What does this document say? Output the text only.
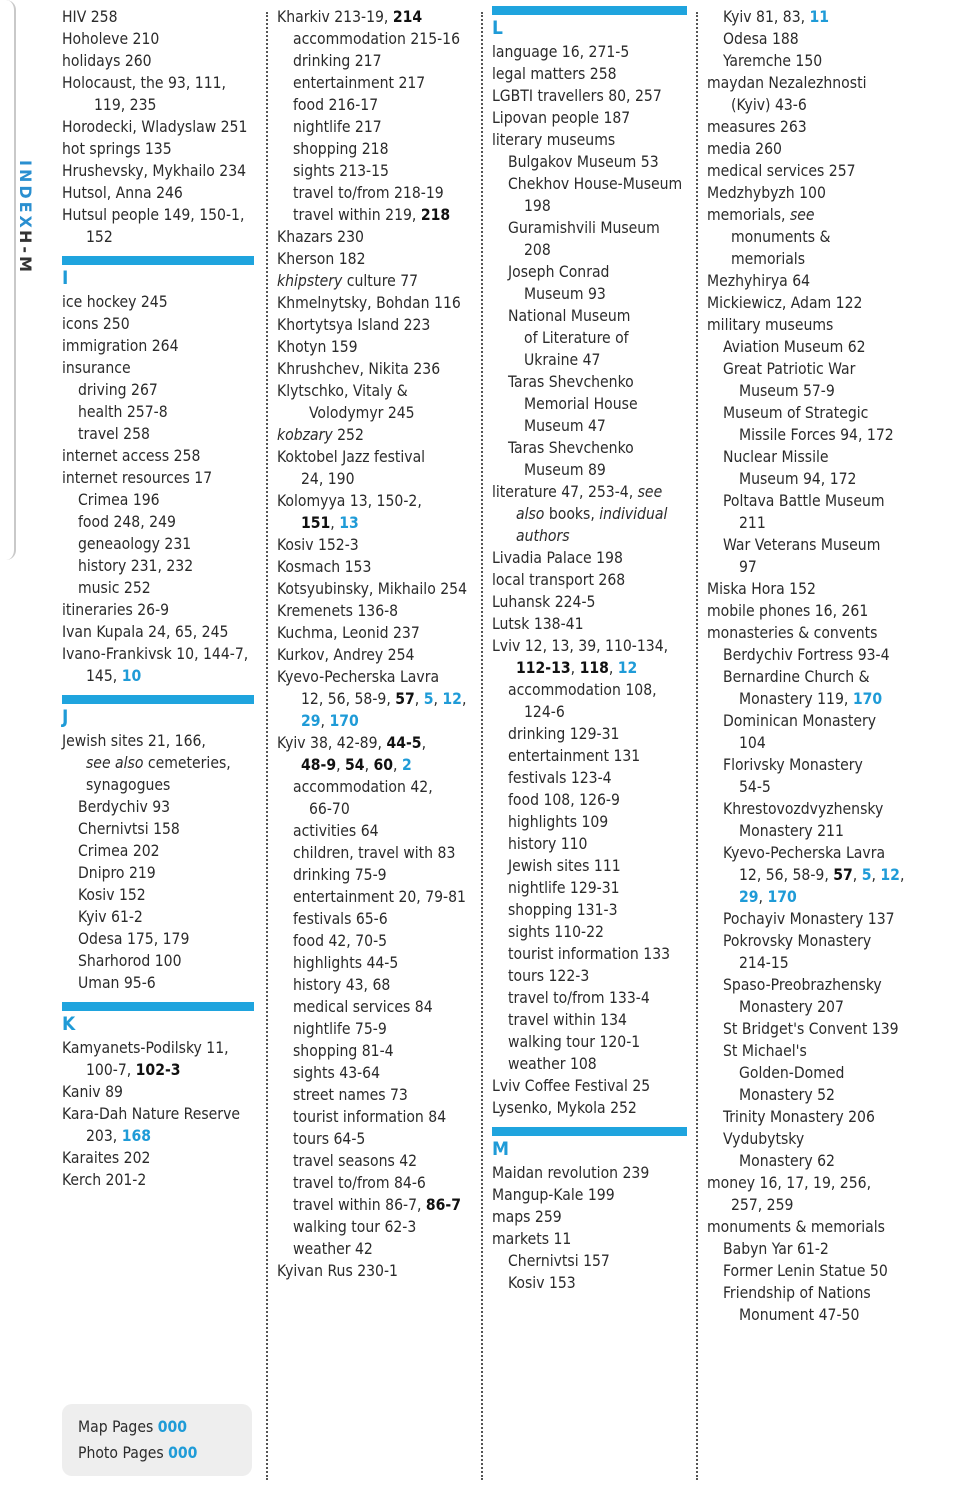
INDEX
H-M
HIV 258
Hoholeve 210
holidays 260
Holocaust, the 93, 111,
119, 235
Horodecki, Wladyslaw 251
hot springs 135
Hrushevsky, Mykhailo 234
Hutsol, Anna 246
Hutsul people 149, 150-1,
152
I
ice hockey 245
icons 250
immigration 264
insurance
driving 267
health 257-8
travel 258
internet access 258
internet resources 17
Crimea 196
food 248, 249
geneaology 231
history 231, 232
music 252
itineraries 26-9
Ivan Kupala 24, 65, 245
Ivano-Frankivsk 10, 144-7,
145, 10
J
Jewish sites 21, 166,
see also cemeteries,
synagogues
Berdychiv 93
Chernivtsi 158
Crimea 202
Dnipro 219
Kosiv 152
Kyiv 61-2
Odesa 175, 179
Sharhorod 100
Uman 95-6
K
Kamyanets-Podilsky 11,
100-7, 102-3
Kaniv 89
Kara-Dah Nature Reserve
203, 168
Karaites 202
Kerch 201-2
Kharkiv 213-19, 214
accommodation 215-16
drinking 217
entertainment 217
food 216-17
nightlife 217
shopping 218
sights 213-15
travel to/from 218-19
travel within 219, 218
Khazars 230
Kherson 182
khipstery culture 77
Khmelnytsky, Bohdan 116
Khortytsya Island 223
Khotyn 159
Khrushchev, Nikita 236
Klytschko, Vitaly &
Volodymyr 245
kobzary 252
Koktobel Jazz festival
24, 190
Kolomyya 13, 150-2,
151, 13
Kosiv 152-3
Kosmach 153
Kotsyubinsky, Mikhailo 254
Kremenets 136-8
Kuchma, Leonid 237
Kurkov, Andrey 254
Kyevo-Pecherska Lavra
12, 56, 58-9, 57, 5, 12,
29, 170
Kyiv 38, 42-89, 44-5,
48-9, 54, 60, 2
accommodation 42,
66-70
activities 64
children, travel with 83
drinking 75-9
entertainment 20, 79-81
festivals 65-6
food 42, 70-5
highlights 44-5
history 43, 68
medical services 84
nightlife 75-9
shopping 81-4
sights 43-64
street names 73
tourist information 84
tours 64-5
travel seasons 42
travel to/from 84-6
travel within 86-7, 86-7
walking tour 62-3
weather 42
Kyivan Rus 230-1
L
language 16, 271-5
legal matters 258
LGBTI travellers 80, 257
Lipovan people 187
literary museums
Bulgakov Museum 53
Chekhov House-Museum
198
Guramishvili Museum
208
Joseph Conrad
Museum 93
National Museum
of Literature of
Ukraine 47
Taras Shevchenko
Memorial House
Museum 47
Taras Shevchenko
Museum 89
literature 47, 253-4, see
also books, individual
authors
Livadia Palace 198
local transport 268
Luhansk 224-5
Lutsk 138-41
Lviv 12, 13, 39, 110-134,
112-13, 118, 12
accommodation 108,
124-6
drinking 129-31
entertainment 131
festivals 123-4
food 108, 126-9
highlights 109
history 110
Jewish sites 111
nightlife 129-31
shopping 131-3
sights 110-22
tourist information 133
tours 122-3
travel to/from 133-4
travel within 134
walking tour 120-1
weather 108
Lviv Coffee Festival 25
Lysenko, Mykola 252
M
Maidan revolution 239
Mangup-Kale 199
maps 259
markets 11
Chernivtsi 157
Kosiv 153
Kyiv 81, 83, 11
Odesa 188
Yaremche 150
maydan Nezalezhnosti
(Kyiv) 43-6
measures 263
media 260
medical services 257
Medzhybyzh 100
memorials, see
monuments &
memorials
Mezhyhirya 64
Mickiewicz, Adam 122
military museums
Aviation Museum 62
Great Patriotic War
Museum 57-9
Museum of Strategic
Missile Forces 94, 172
Nuclear Missile
Museum 94, 172
Poltava Battle Museum
211
War Veterans Museum
97
Miska Hora 152
mobile phones 16, 261
monasteries & convents
Berdychiv Fortress 93-4
Bernardine Church &
Monastery 119, 170
Dominican Monastery
104
Florivsky Monastery
54-5
Khrestovozdvyzhensky
Monastery 211
Kyevo-Pecherska Lavra
12, 56, 58-9, 57, 5, 12,
29, 170
Pochayiv Monastery 137
Pokrovsky Monastery
214-15
Spaso-Preobrazhensky
Monastery 207
St Bridget's Convent 139
St Michael's
Golden-Domed
Monastery 52
Trinity Monastery 206
Vydubytsky
Monastery 62
money 16, 17, 19, 256,
257, 259
monuments & memorials
Babyn Yar 61-2
Former Lenin Statue 50
Friendship of Nations
Monument 47-50
Map Pages 000
Photo Pages 000
